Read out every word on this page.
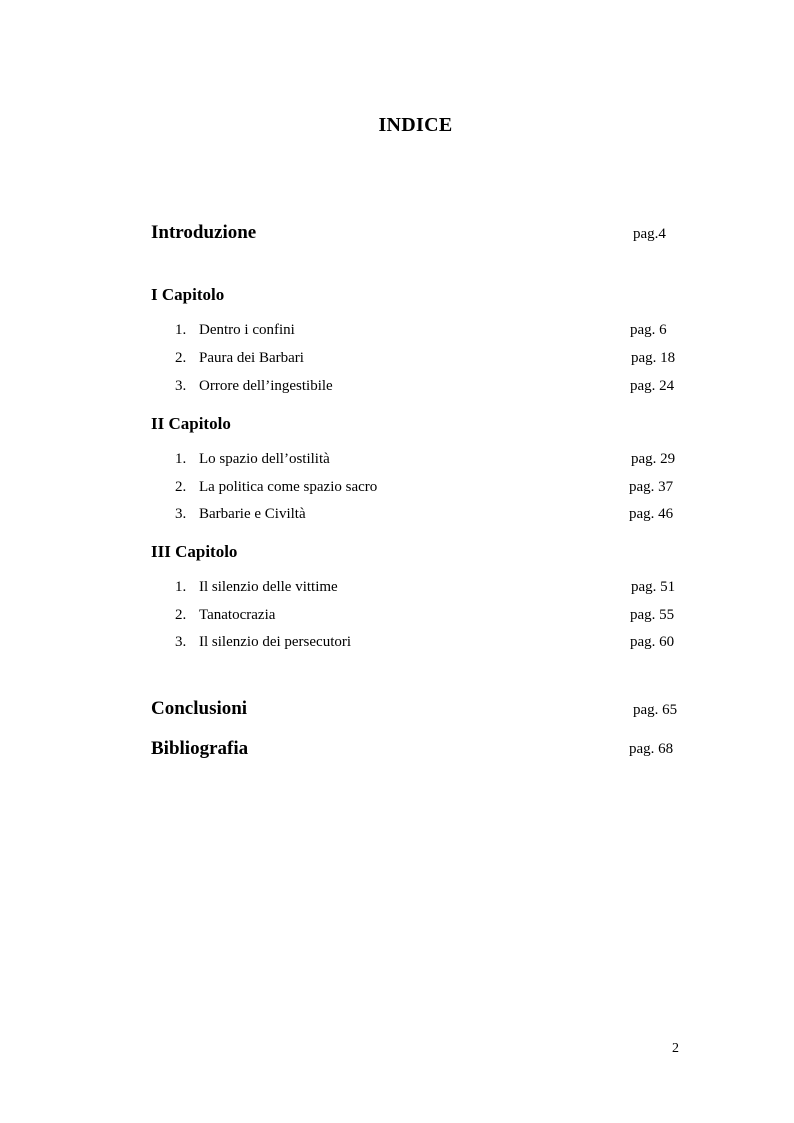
INDICE
Introduzione	pag.4
I Capitolo
1. Dentro i confini	pag. 6
2. Paura dei Barbari	pag. 18
3. Orrore dell’ingestibile	pag. 24
II Capitolo
1. Lo spazio dell’ostilità	pag. 29
2. La politica come spazio sacro	pag. 37
3. Barbarie e Civiltà	pag. 46
III Capitolo
1. Il silenzio delle vittime	pag. 51
2. Tanatocrazia	pag. 55
3. Il silenzio dei persecutori	pag. 60
Conclusioni	pag. 65
Bibliografia	pag. 68
2
